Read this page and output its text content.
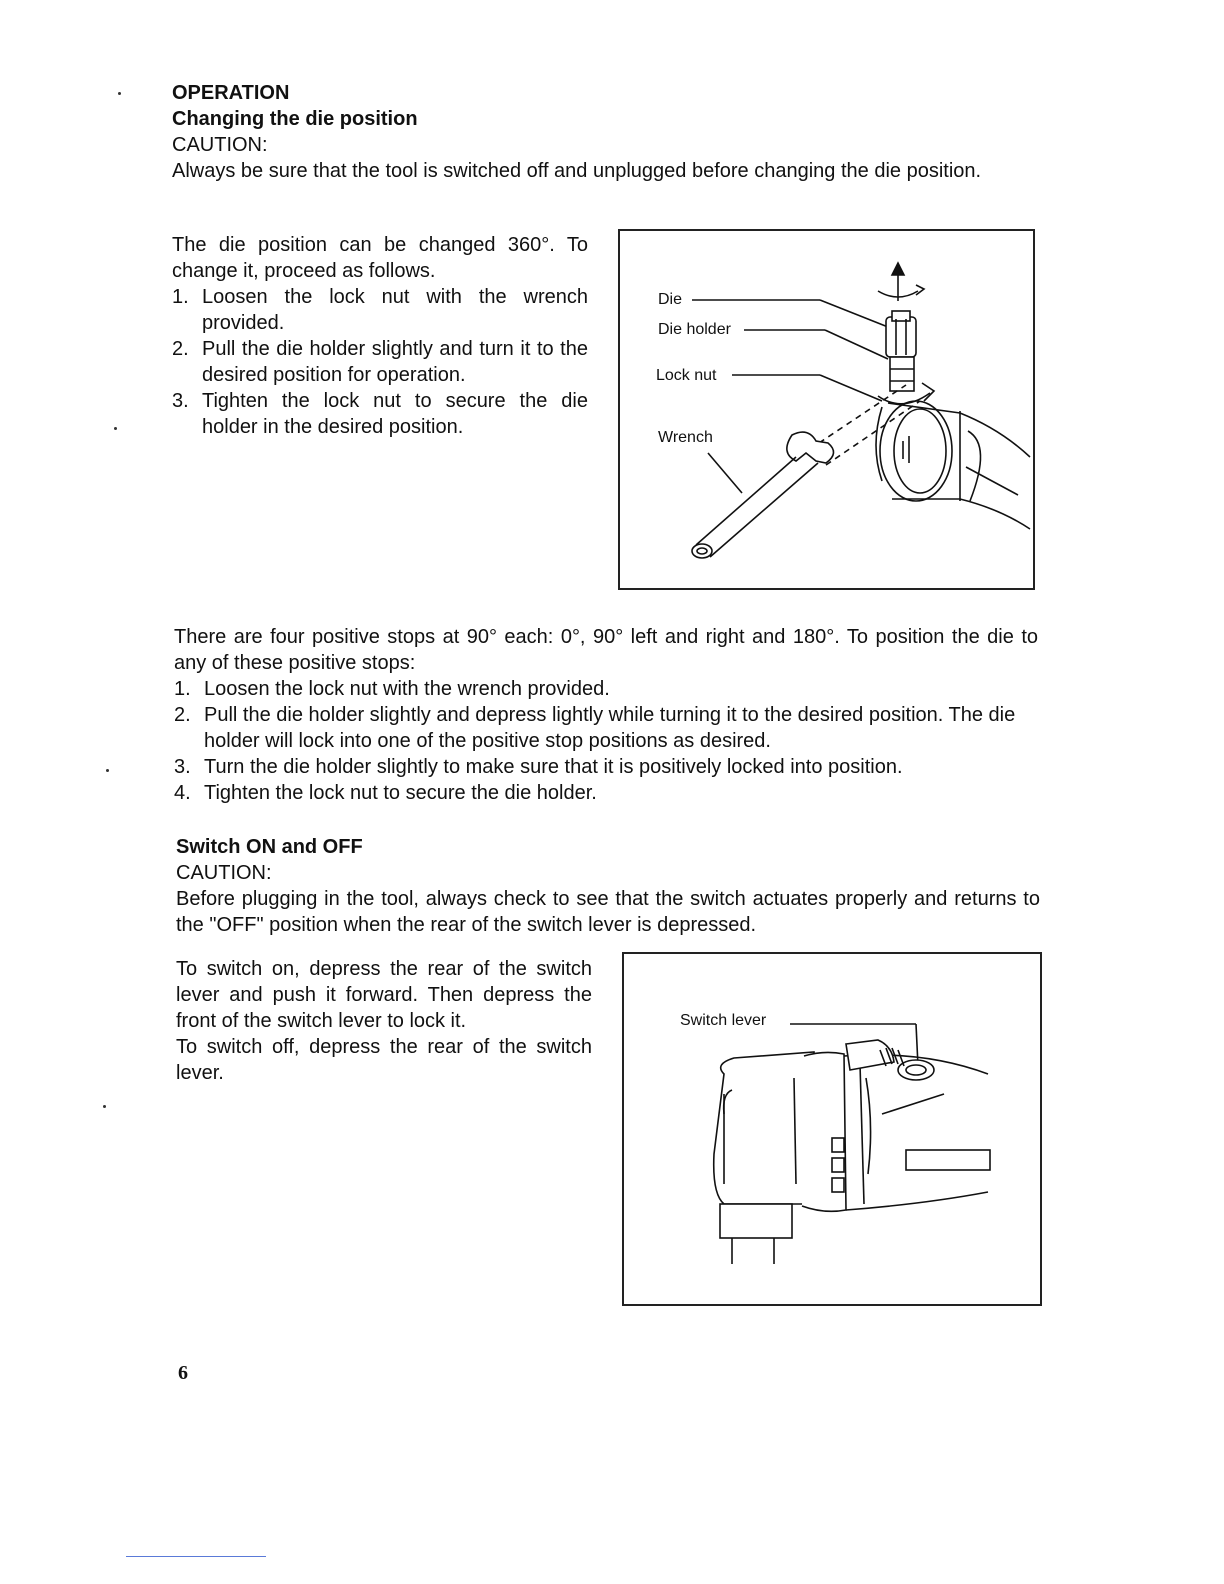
OPERATION
Changing the die position
CAUTION:
Always be sure that the tool is switched off and unplugged before changing the die position.
The die position can be changed 360°. To change it, proceed as follows.
1. Loosen the lock nut with the wrench provided.
2. Pull the die holder slightly and turn it to the desired position for operation.
3. Tighten the lock nut to secure the die holder in the desired position.
Die
Die holder
Lock nut
Wrench
There are four positive stops at 90° each: 0°, 90° left and right and 180°. To position the die to any of these positive stops:
1. Loosen the lock nut with the wrench provided.
2. Pull the die holder slightly and depress lightly while turning it to the desired position. The die holder will lock into one of the positive stop positions as desired.
3. Turn the die holder slightly to make sure that it is positively locked into position.
4. Tighten the lock nut to secure the die holder.
Switch ON and OFF
CAUTION:
Before plugging in the tool, always check to see that the switch actuates properly and returns to the "OFF" position when the rear of the switch lever is depressed.
To switch on, depress the rear of the switch lever and push it forward. Then depress the front of the switch lever to lock it.
To switch off, depress the rear of the switch lever.
Switch lever
6
